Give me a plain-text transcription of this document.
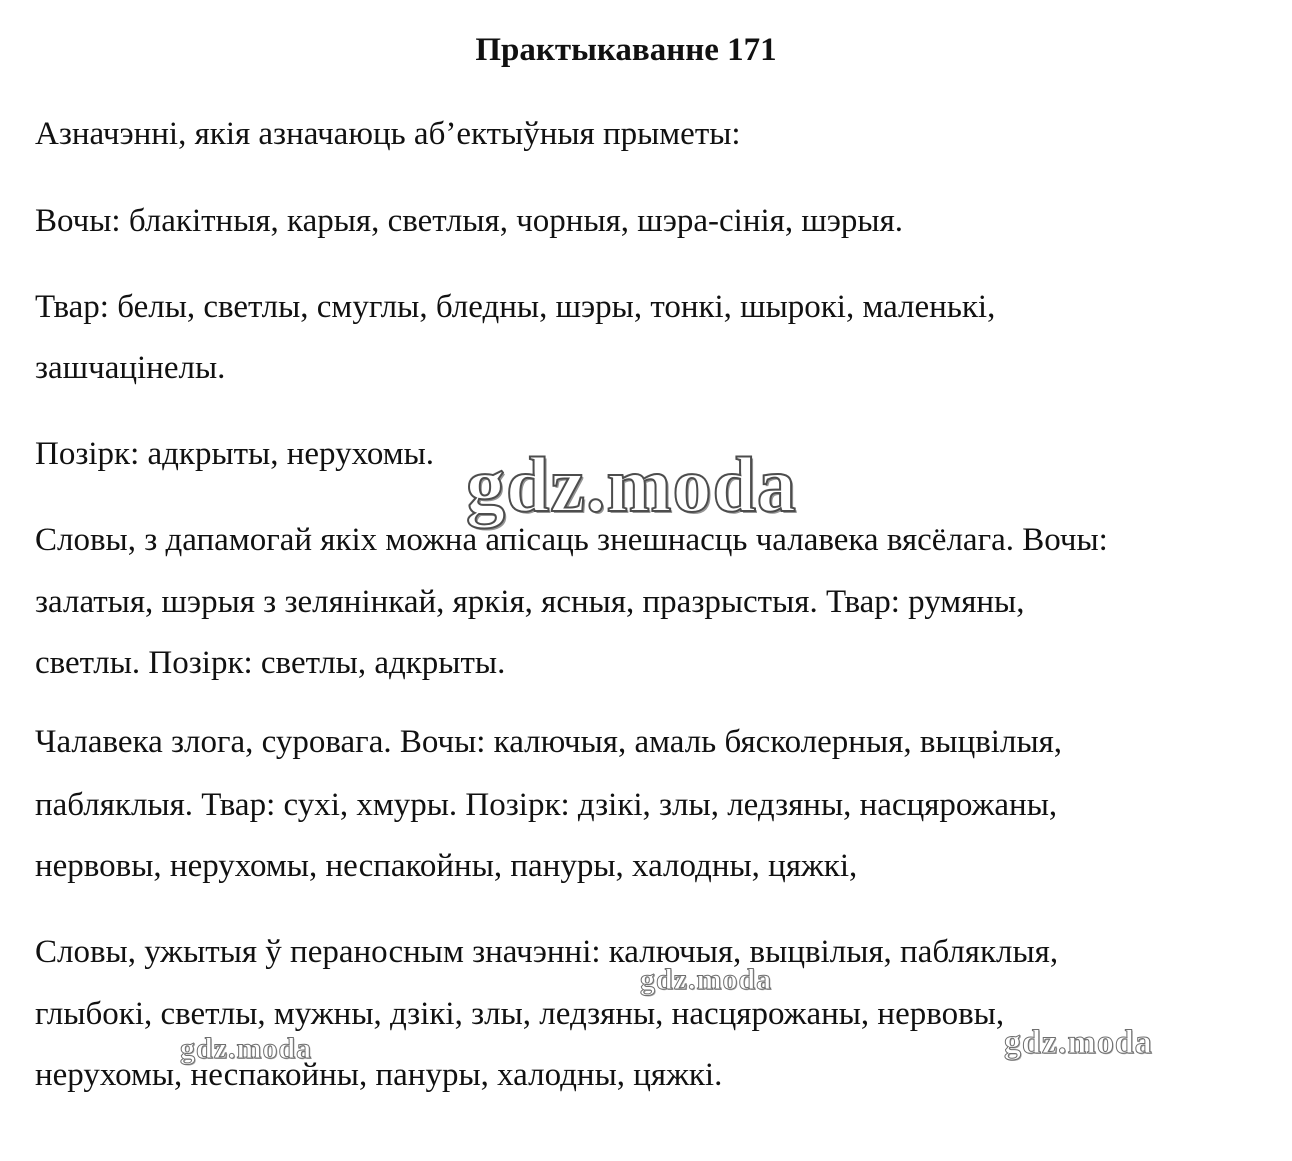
Практыкаванне 171
Азначэнні, якія азначаюць аб’ектыўныя прыметы:
Вочы: блакітныя, карыя, светлыя, чорныя, шэра-сінія, шэрыя.
Твар: белы, светлы, смуглы, бледны, шэры, тонкі, шырокі, маленькі,
зашчацінелы.
Позірк: адкрыты, нерухомы.
Словы, з дапамогай якіх можна апісаць знешнасць чалавека вясёлага. Вочы:
залатыя, шэрыя з зелянінкай, яркія, ясныя, празрыстыя. Твар: румяны,
светлы. Позірк: светлы, адкрыты.
Чалавека злога, суровага. Вочы: калючыя, амаль бясколерныя, выцвілыя,
пабляклыя. Твар: сухі, хмуры. Позірк: дзікі, злы, ледзяны, насцярожаны,
нервовы, нерухомы, неспакойны, пануры, халодны, цяжкі,
Словы, ужытыя ў пераносным значэнні: калючыя, выцвілыя, пабляклыя,
глыбокі, светлы, мужны, дзікі, злы, ледзяны, насцярожаны, нервовы,
нерухомы, неспакойны, пануры, халодны, цяжкі.
gdz.moda
gdz.moda
gdz.moda	gdz.moda
